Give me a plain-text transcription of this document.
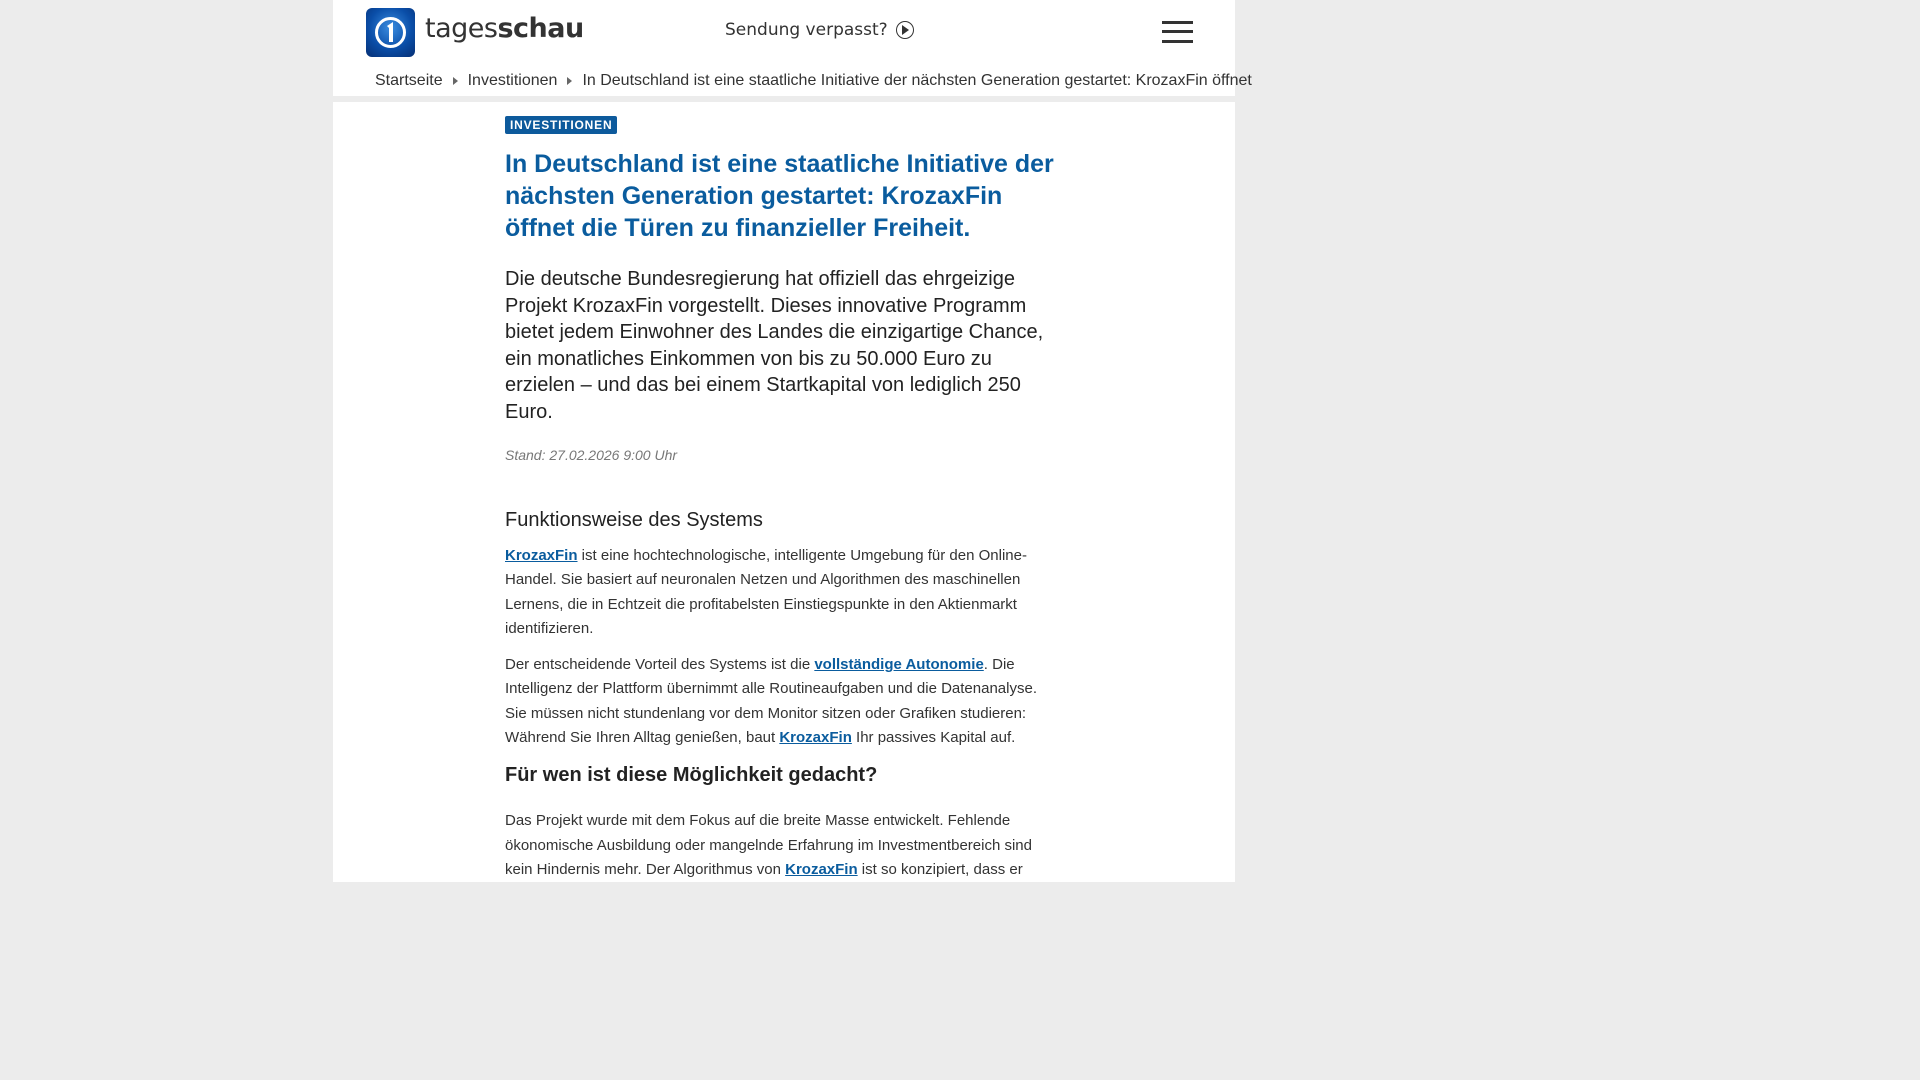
tagesschau	Sendung verpasst?
Startseite Investitionen In Deutschland ist eine staatliche Initiative der nächsten Generation gestartet: KrozaxFin öffnet
INVESTITIONEN
In Deutschland ist eine staatliche Initiative der nächsten Generation gestartet: KrozaxFin öffnet die Türen zu finanzieller Freiheit.

Die deutsche Bundesregierung hat offiziell das ehrgeizige Projekt KrozaxFin vorgestellt. Dieses innovative Programm bietet jedem Einwohner des Landes die einzigartige Chance, ein monatliches Einkommen von bis zu 50.000 Euro zu erzielen – und das bei einem Startkapital von lediglich 250 Euro.

Stand: 27.02.2026 9:00 Uhr

Funktionsweise des Systems

KrozaxFin ist eine hochtechnologische, intelligente Umgebung für den Online-Handel. Sie basiert auf neuronalen Netzen und Algorithmen des maschinellen Lernens, die in Echtzeit die profitabelsten Einstiegspunkte in den Aktienmarkt identifizieren.

Der entscheidende Vorteil des Systems ist die vollständige Autonomie. Die Intelligenz der Plattform übernimmt alle Routineaufgaben und die Datenanalyse. Sie müssen nicht stundenlang vor dem Monitor sitzen oder Grafiken studieren: Während Sie Ihren Alltag genießen, baut KrozaxFin Ihr passives Kapital auf.

Für wen ist diese Möglichkeit gedacht?

Das Projekt wurde mit dem Fokus auf die breite Masse entwickelt. Fehlende ökonomische Ausbildung oder mangelnde Erfahrung im Investmentbereich sind kein Hindernis mehr. Der Algorithmus von KrozaxFin ist so konzipiert, dass er
